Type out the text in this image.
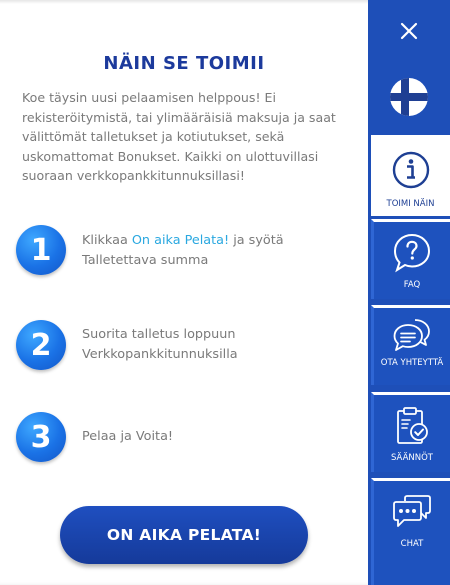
NÄIN SE TOIMII

Koe täysin uusi pelaamisen helppous! Ei rekisteröitymistä, tai ylimääräisiä maksuja ja saat välittömät talletukset ja kotiutukset, sekä uskomattomat Bonukset. Kaikki on ulottuvillasi suoraan verkkopankkitunnuksillasi!

1	Klikkaa On aika Pelata! ja syötä Talletettava summa
2	Suorita talletus loppuun Verkkopankkitunnuksilla
3	Pelaa ja Voita!
ON AIKA PELATA!
TOIMI NÄIN
FAQ
OTA YHTEYTTÄ
SÄÄNNÖT
CHAT
